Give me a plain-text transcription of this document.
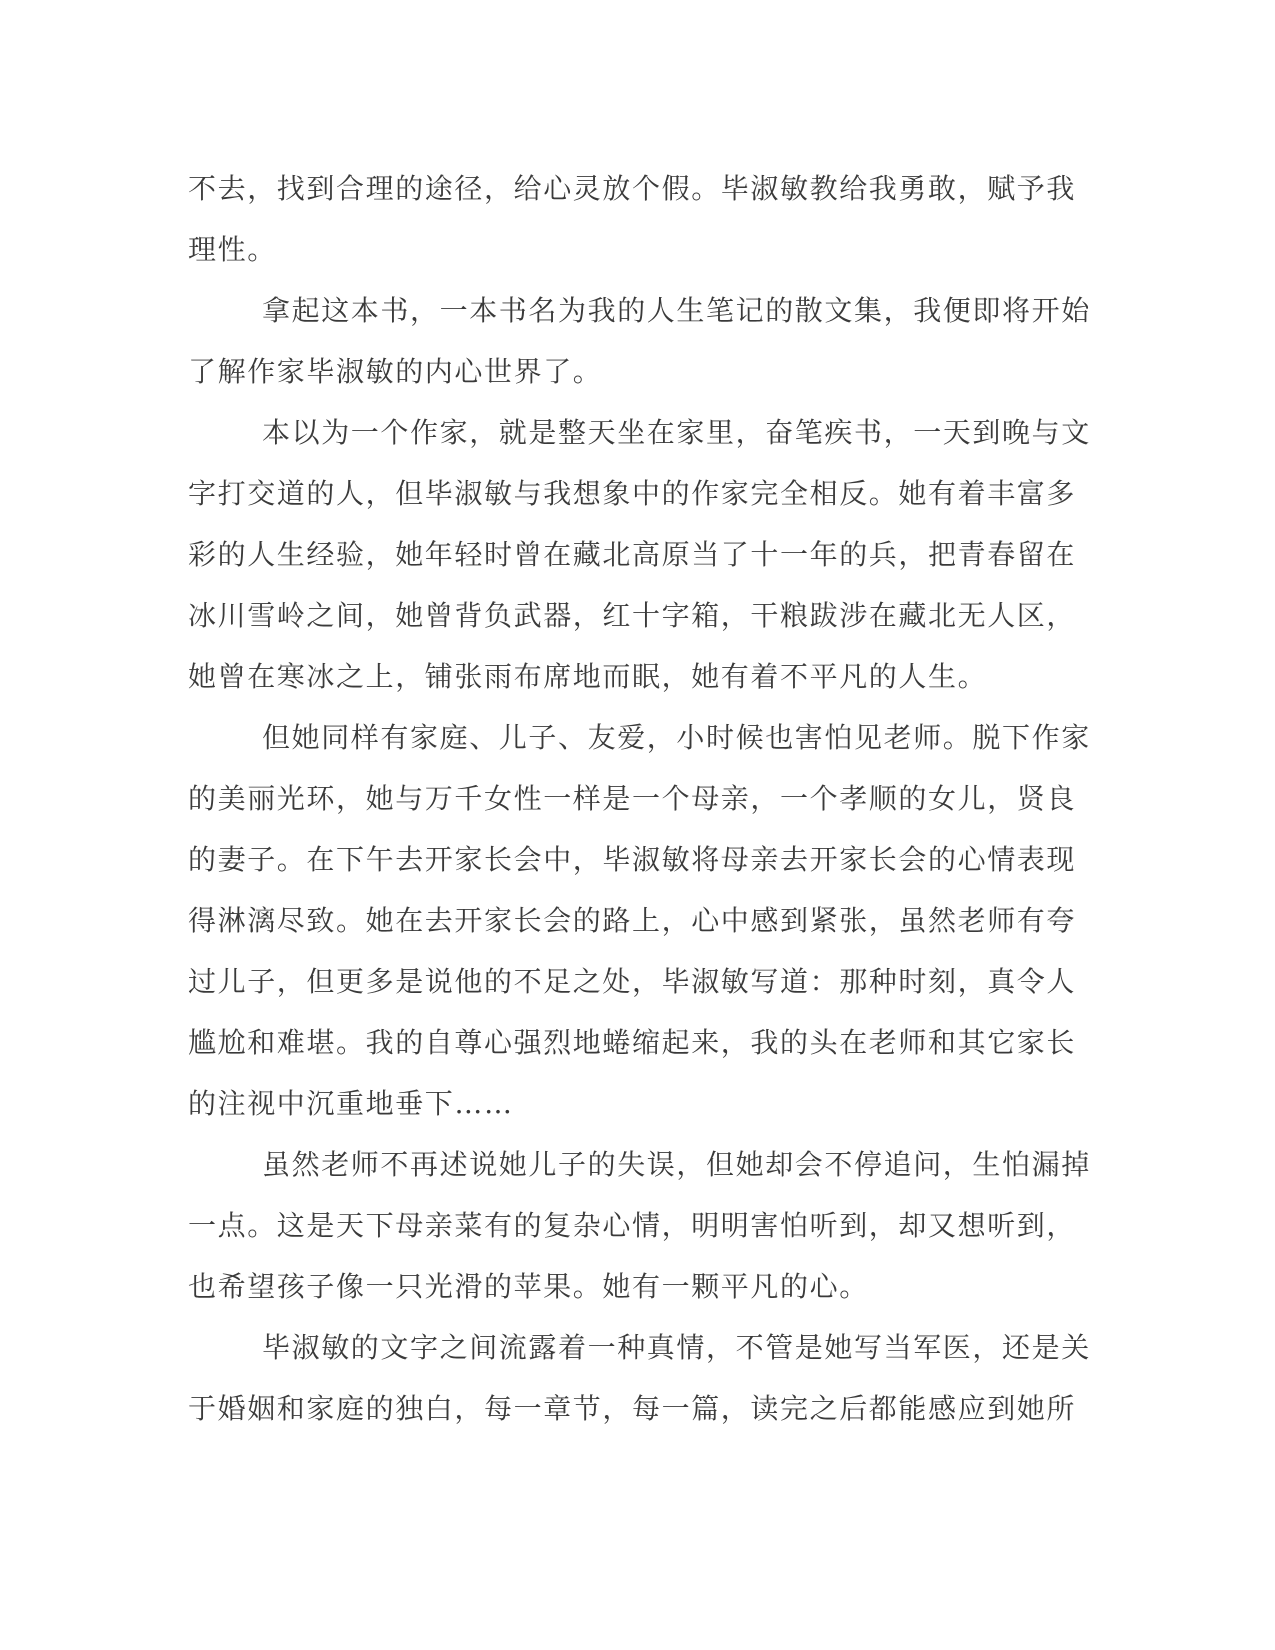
不去，找到合理的途径，给心灵放个假。毕淑敏教给我勇敢，赋予我
理性。

拿起这本书，一本书名为我的人生笔记的散文集，我便即将开始
了解作家毕淑敏的内心世界了。

本以为一个作家，就是整天坐在家里，奋笔疾书，一天到晚与文
字打交道的人，但毕淑敏与我想象中的作家完全相反。她有着丰富多
彩的人生经验，她年轻时曾在藏北高原当了十一年的兵，把青春留在
冰川雪岭之间，她曾背负武器，红十字箱，干粮跋涉在藏北无人区，
她曾在寒冰之上，铺张雨布席地而眠，她有着不平凡的人生。

但她同样有家庭、儿子、友爱，小时候也害怕见老师。脱下作家
的美丽光环，她与万千女性一样是一个母亲，一个孝顺的女儿，贤良
的妻子。在下午去开家长会中，毕淑敏将母亲去开家长会的心情表现
得淋漓尽致。她在去开家长会的路上，心中感到紧张，虽然老师有夸
过儿子，但更多是说他的不足之处，毕淑敏写道：那种时刻，真令人
尴尬和难堪。我的自尊心强烈地蜷缩起来，我的头在老师和其它家长
的注视中沉重地垂下……

虽然老师不再述说她儿子的失误，但她却会不停追问，生怕漏掉
一点。这是天下母亲菜有的复杂心情，明明害怕听到，却又想听到，
也希望孩子像一只光滑的苹果。她有一颗平凡的心。

毕淑敏的文字之间流露着一种真情，不管是她写当军医，还是关
于婚姻和家庭的独白，每一章节，每一篇，读完之后都能感应到她所
